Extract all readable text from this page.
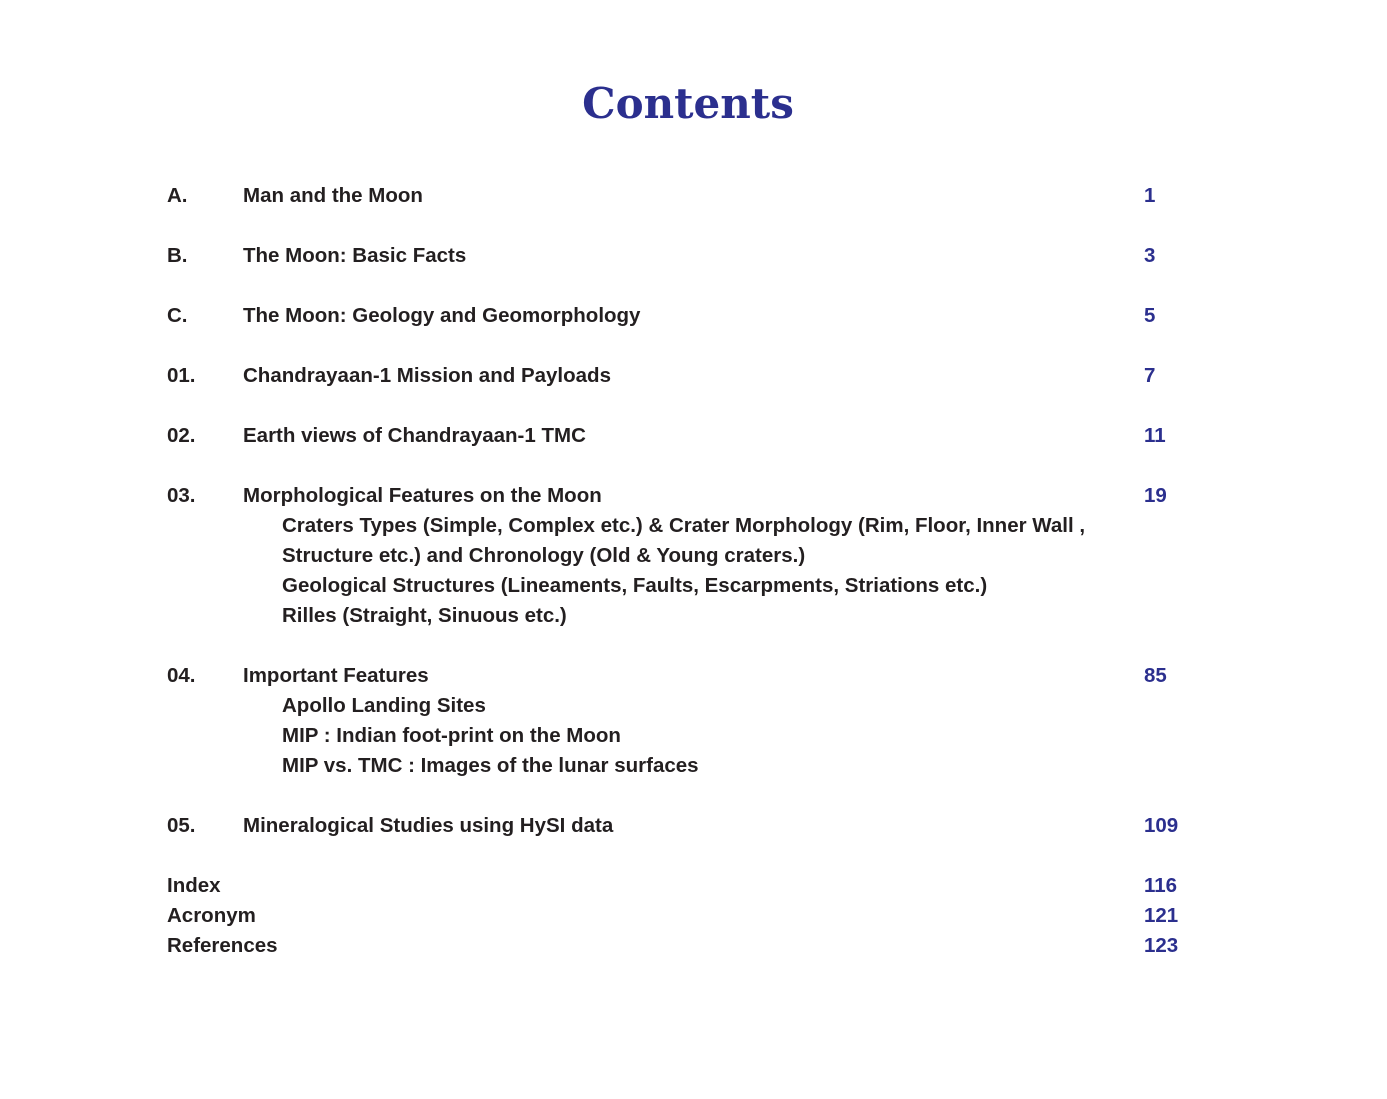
Contents
A.	Man and the Moon	1
B.	The Moon: Basic Facts	3
C.	The Moon: Geology and Geomorphology	5
01. Chandrayaan-1 Mission and Payloads	7
02. Earth views of Chandrayaan-1 TMC	11
03. Morphological Features on the Moon	19
Craters Types (Simple, Complex etc.) & Crater Morphology (Rim, Floor, Inner Wall ,
Structure etc.) and Chronology (Old & Young craters.)
Geological Structures (Lineaments, Faults, Escarpments, Striations etc.)
Rilles (Straight, Sinuous etc.)
04. Important Features	85
Apollo Landing Sites
MIP : Indian foot-print on the Moon
MIP vs. TMC : Images of the lunar surfaces
05. Mineralogical Studies using HySI data	109
Index	116
Acronym	121
References	123
